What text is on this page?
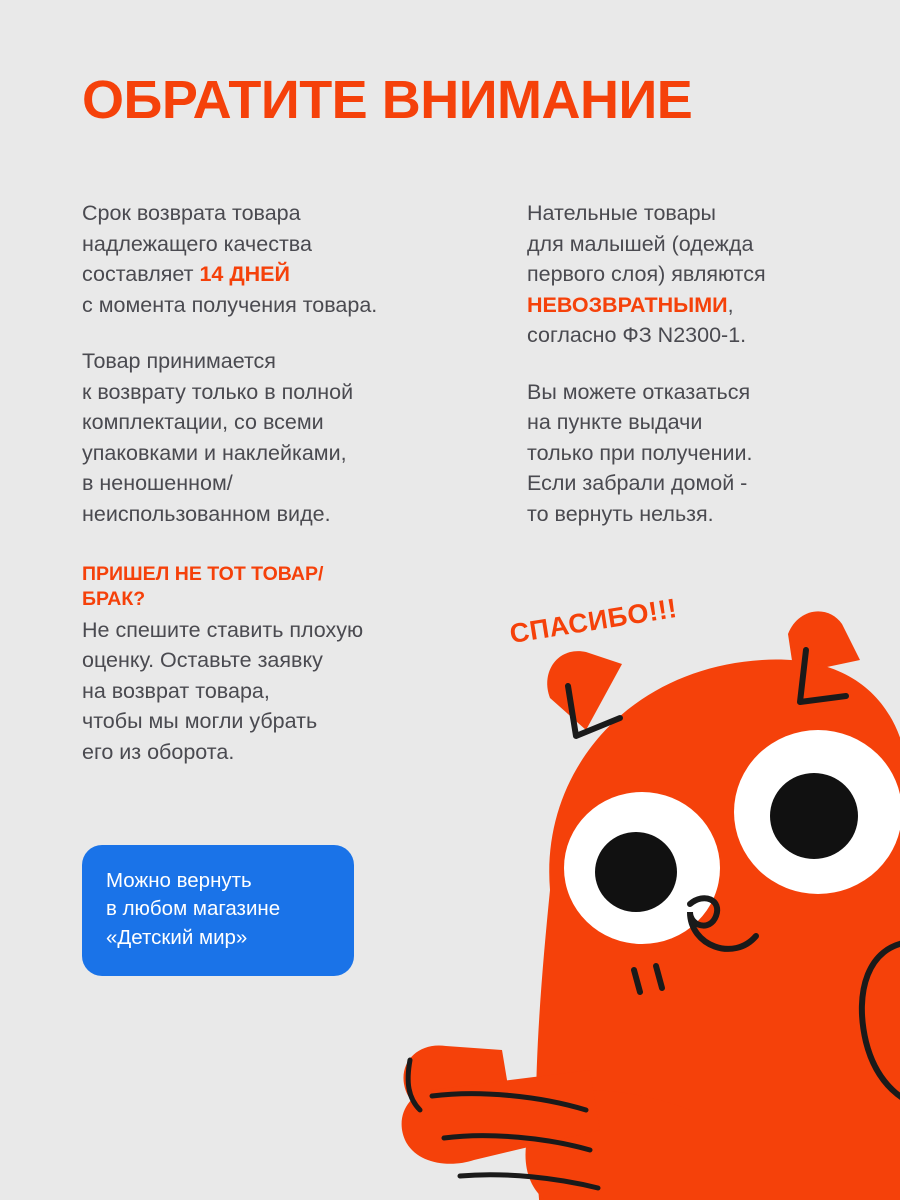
ОБРАТИТЕ ВНИМАНИЕ
Срок возврата товара
надлежащего качества
составляет 14 ДНЕЙ
с момента получения товара.
Товар принимается
к возврату только в полной
комплектации, со всеми
упаковками и наклейками,
в неношенном/
неиспользованном виде.
Нательные товары
для малышей (одежда
первого слоя) являются
НЕВОЗВРАТНЫМИ,
согласно ФЗ N2300-1.
Вы можете отказаться
на пункте выдачи
только при получении.
Если забрали домой -
то вернуть нельзя.
ПРИШЕЛ НЕ ТОТ ТОВАР/
БРАК?
Не спешите ставить плохую
оценку. Оставьте заявку
на возврат товара,
чтобы мы могли убрать
его из оборота.
Можно вернуть
в любом магазине
«Детский мир»
СПАСИБО!!!
